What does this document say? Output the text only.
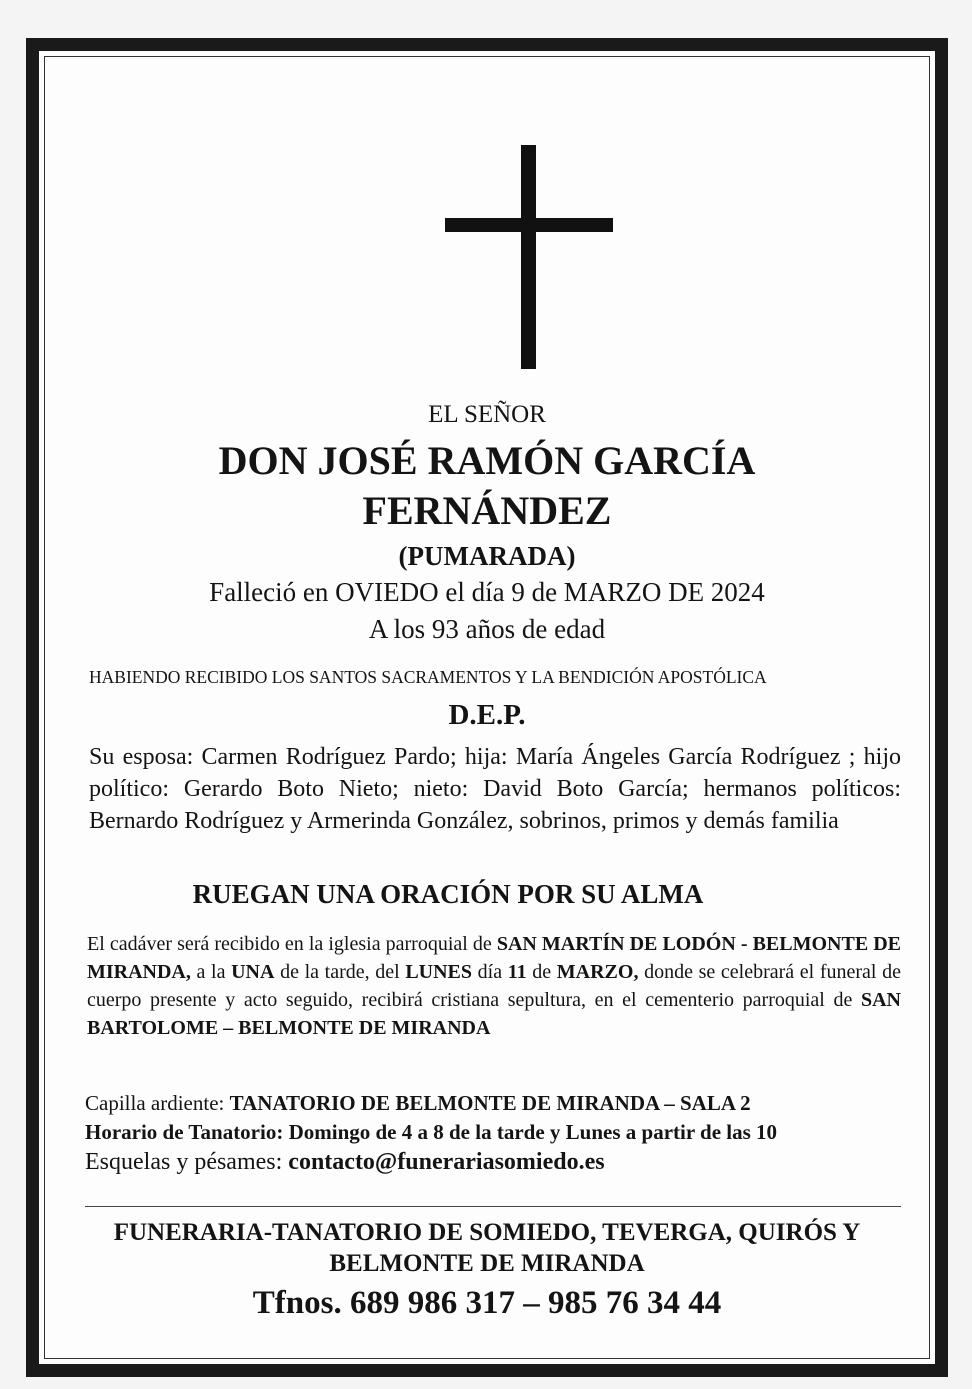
EL SEÑOR
DON JOSÉ RAMÓN GARCÍA
FERNÁNDEZ
(PUMARADA)
Falleció en OVIEDO el día 9 de MARZO DE 2024
A los 93 años de edad
HABIENDO RECIBIDO LOS SANTOS SACRAMENTOS Y LA BENDICIÓN APOSTÓLICA
D.E.P.
Su esposa: Carmen Rodríguez Pardo; hija: María Ángeles García Rodríguez ; hijo político: Gerardo Boto Nieto; nieto: David Boto García; hermanos políticos: Bernardo Rodríguez y Armerinda González, sobrinos, primos y demás familia
RUEGAN UNA ORACIÓN POR SU ALMA
El cadáver será recibido en la iglesia parroquial de SAN MARTÍN DE LODÓN - BELMONTE DE MIRANDA, a la UNA de la tarde, del LUNES día 11 de MARZO, donde se celebrará el funeral de cuerpo presente y acto seguido, recibirá cristiana sepultura, en el cementerio parroquial de SAN BARTOLOME – BELMONTE DE MIRANDA
Capilla ardiente: TANATORIO DE BELMONTE DE MIRANDA – SALA 2
Horario de Tanatorio: Domingo de 4 a 8 de la tarde y Lunes a partir de las 10
Esquelas y pésames: contacto@funerariasomiedo.es
FUNERARIA-TANATORIO DE SOMIEDO, TEVERGA, QUIRÓS Y
BELMONTE DE MIRANDA
Tfnos. 689 986 317 – 985 76 34 44
